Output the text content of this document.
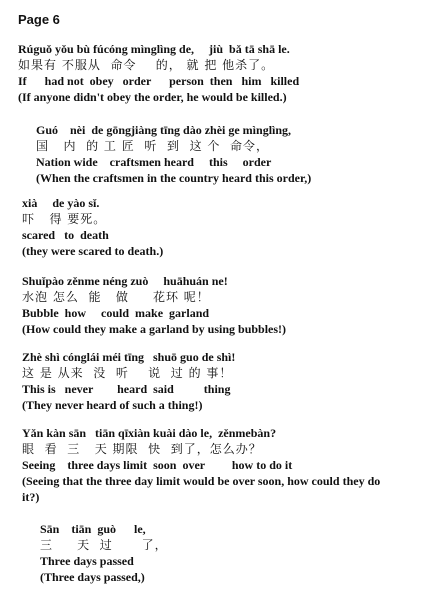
Page 6
Rúguǒ yǒu bù fúcóng mìnglìng de,     jiù  bǎ tā shā le.
如果有 不服从  命令    的， 就 把 他杀了。
If      had not  obey   order      person  then   him   killed
(If anyone didn't obey the order, he would be killed.)
Guó    nèi  de gōngjiàng tīng dào zhèi ge mìnglìng,
国   内  的 工 匠  听  到  这 个  命令，
Nation wide    craftsmen heard     this     order
(When the craftsmen in the country heard this order,)
xià     de yào sǐ.
吓   得 要死。
scared   to  death
(they were scared to death.)
Shuǐpào zěnme néng zuò     huāhuán ne!
水泡 怎么  能   做     花环 呢！
Bubble  how     could  make  garland
(How could they make a garland by using bubbles!)
Zhè shì cónglái méi tīng   shuō guo de shì!
这 是 从来  没  听    说  过 的 事！
This is   never        heard  said          thing
(They never heard of such a thing!)
Yǎn kàn sān   tiān qīxiàn kuài dào le,  zěnmebàn?
眼  看  三   天 期限  快  到了，怎么办？
Seeing    three days limit  soon  over         how to do it
(Seeing that the three day limit would be over soon, how could they do
it?)
Sān    tiān  guò      le,
三     天  过      了，
Three days passed
(Three days passed,)
